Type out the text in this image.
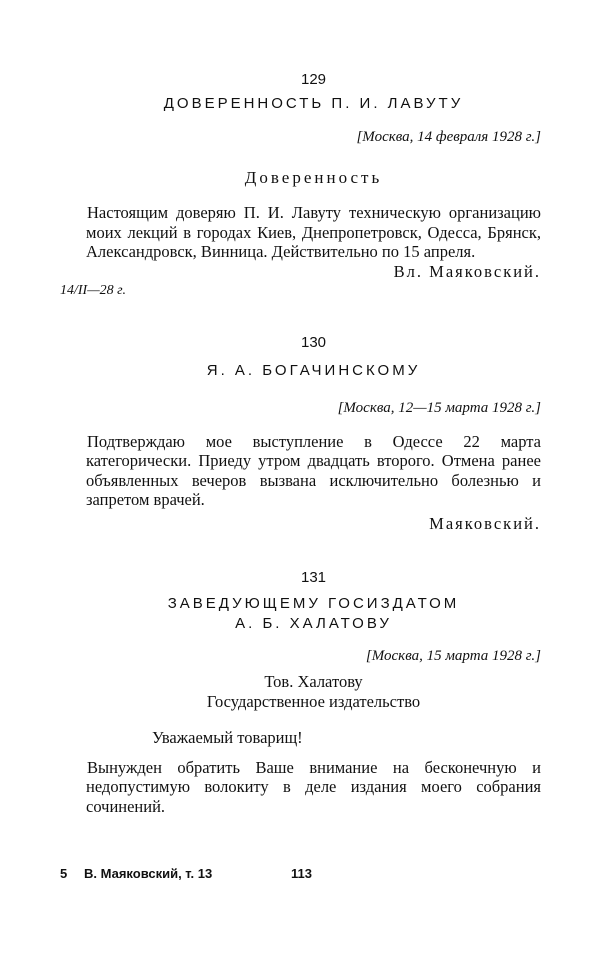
129
ДОВЕРЕННОСТЬ П. И. ЛАВУТУ
[Москва, 14 февраля 1928 г.]
Доверенность

Настоящим доверяю П. И. Лавуту техническую организацию моих лекций в городах Киев, Днепропетровск, Одесса, Брянск, Александровск, Винница. Действительно по 15 апреля.

Вл. Маяковский.
14/II—28 г.
130
Я. А. БОГАЧИНСКОМУ
[Москва, 12—15 марта 1928 г.]

Подтверждаю мое выступление в Одессе 22 марта категорически. Приеду утром двадцать второго. Отмена ранее объявленных вечеров вызвана исключительно болезнью и запретом врачей.

Маяковский.
131
ЗАВЕДУЮЩЕМУ ГОСИЗДАТОМ
А. Б. ХАЛАТОВУ
[Москва, 15 марта 1928 г.]
Тов. Халатову
Государственное издательство
Уважаемый товарищ!

Вынужден обратить Ваше внимание на бесконечную и недопустимую волокиту в деле издания моего собрания сочинений.

5 В. Маяковский, т. 13	113
